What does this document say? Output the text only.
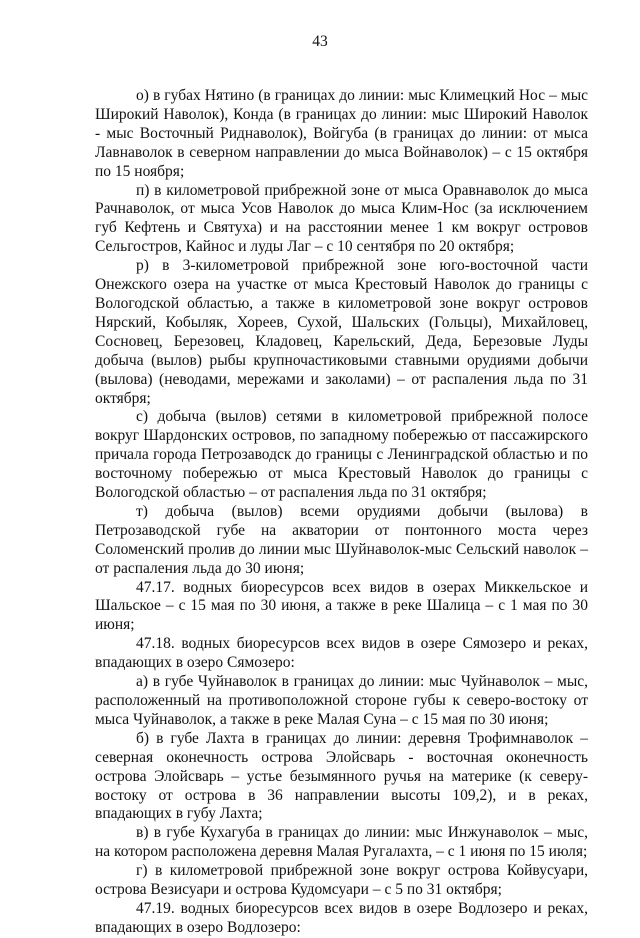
43

о) в губах Нятино (в границах до линии: мыс Климецкий Нос – мыс Широкий Наволок), Конда (в границах до линии: мыс Широкий Наволок - мыс Восточный Риднаволок), Войгуба (в границах до линии: от мыса Лавнаволок в северном направлении до мыса Войнаволок) – с 15 октября по 15 ноября;

п) в километровой прибрежной зоне от мыса Оравнаволок до мыса Рачнаволок, от мыса Усов Наволок до мыса Клим-Нос (за исключением губ Кефтень и Святуха) и на расстоянии менее 1 км вокруг островов Сельгостров, Кайнос и луды Лаг – с 10 сентября по 20 октября;

р) в 3-километровой прибрежной зоне юго-восточной части Онежского озера на участке от мыса Крестовый Наволок до границы с Вологодской областью, а также в километровой зоне вокруг островов Нярский, Кобыляк, Хореев, Сухой, Шальских (Гольцы), Михайловец, Сосновец, Березовец, Кладовец, Карельский, Деда, Березовые Луды добыча (вылов) рыбы крупночастиковыми ставными орудиями добычи (вылова) (неводами, мережами и заколами) – от распаления льда по 31 октября;

с) добыча (вылов) сетями в километровой прибрежной полосе вокруг Шардонских островов, по западному побережью от пассажирского причала города Петрозаводск до границы с Ленинградской областью и по восточному побережью от мыса Крестовый Наволок до границы с Вологодской областью – от распаления льда по 31 октября;

т) добыча (вылов) всеми орудиями добычи (вылова) в Петрозаводской губе на акватории от понтонного моста через Соломенский пролив до линии мыс Шуйнаволок-мыс Сельский наволок – от распаления льда до 30 июня;

47.17. водных биоресурсов всех видов в озерах Миккельское и Шальское – с 15 мая по 30 июня, а также в реке Шалица – с 1 мая по 30 июня;

47.18. водных биоресурсов всех видов в озере Сямозеро и реках, впадающих в озеро Сямозеро:

а) в губе Чуйнаволок в границах до линии: мыс Чуйнаволок – мыс, расположенный на противоположной стороне губы к северо-востоку от мыса Чуйнаволок, а также в реке Малая Суна – с 15 мая по 30 июня;

б) в губе Лахта в границах до линии: деревня Трофимнаволок – северная оконечность острова Элойсварь - восточная оконечность острова Элойсварь – устье безымянного ручья на материке (к северу-востоку от острова в 36 направлении высоты 109,2), и в реках, впадающих в губу Лахта;

в) в губе Кухагуба в границах до линии: мыс Инжунаволок – мыс, на котором расположена деревня Малая Ругалахта, – с 1 июня по 15 июля;

г) в километровой прибрежной зоне вокруг острова Койвусуари, острова Везисуари и острова Кудомсуари – с 5 по 31 октября;

47.19. водных биоресурсов всех видов в озере Водлозеро и реках, впадающих в озеро Водлозеро:
